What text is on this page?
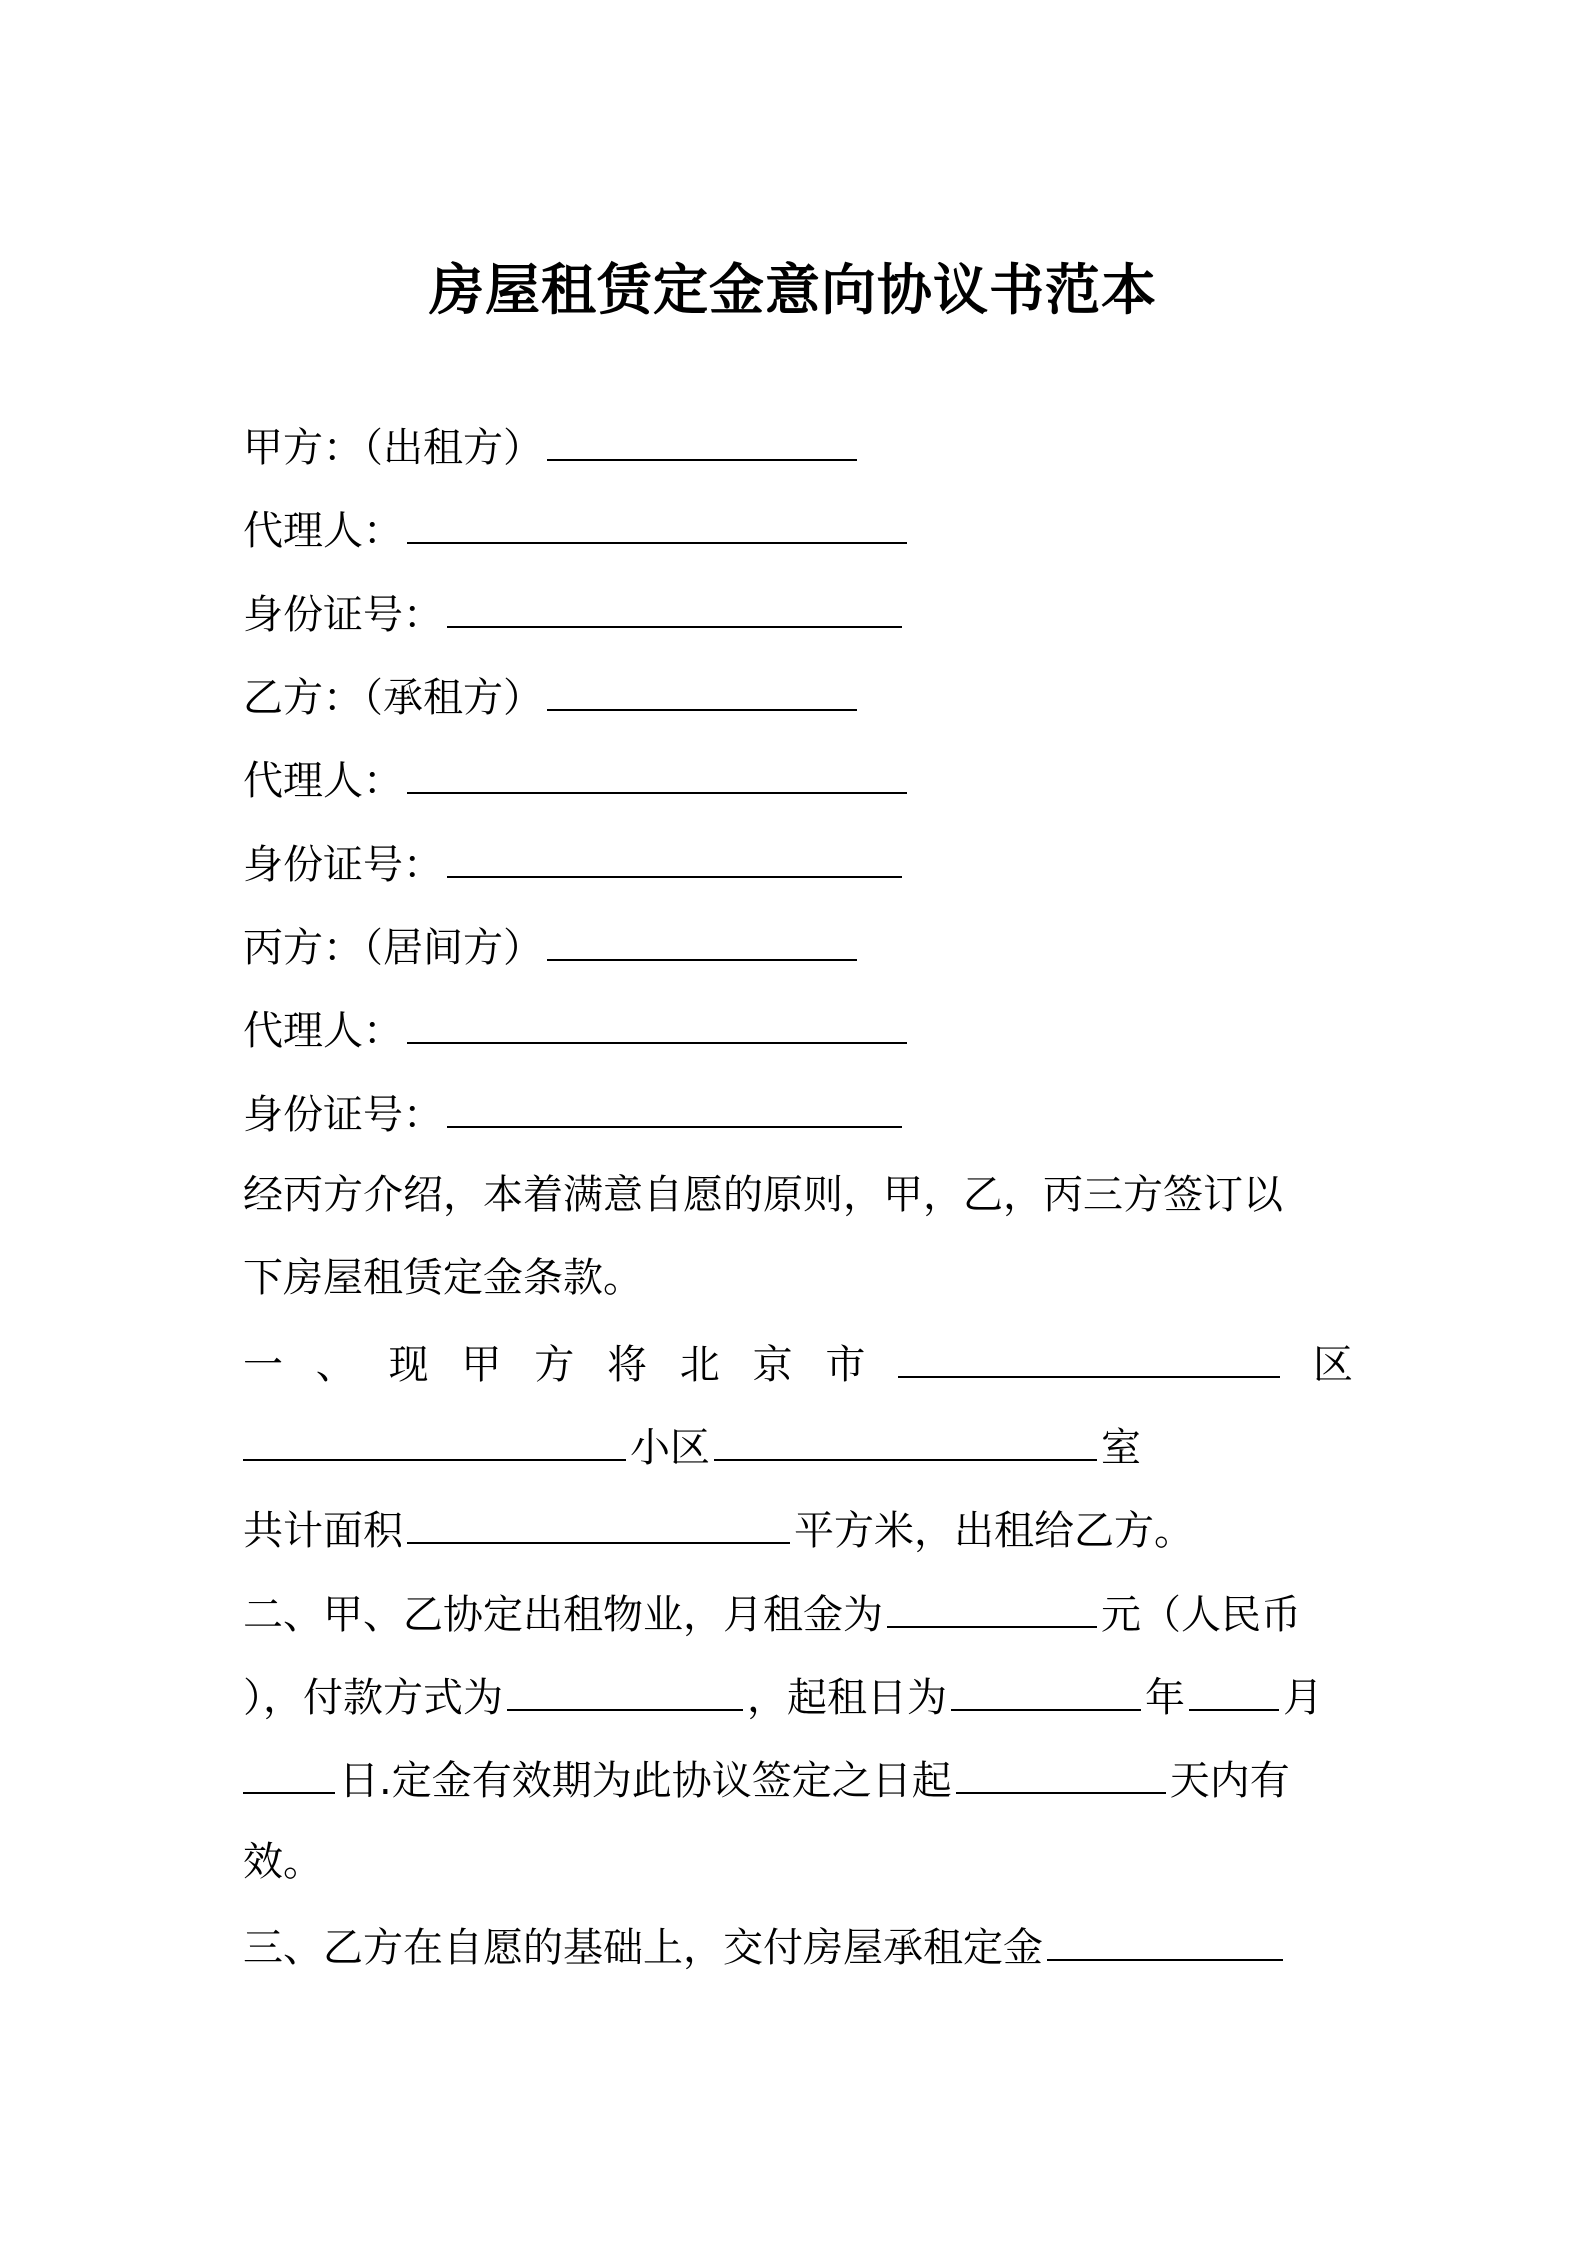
房屋租赁定金意向协议书范本
甲方：（出租方）
代理人：
身份证号：
乙方：（承租方）
代理人：
身份证号：
丙方：（居间方）
代理人：
身份证号：
经丙方介绍，本着满意自愿的原则，甲，乙，丙三方签订以
下房屋租赁定金条款。
一 、 现 甲 方 将 北 京 市	区
小区	室
共计面积	平方米，出租给乙方。
二、甲、乙协定出租物业，月租金为	元（人民币
），付款方式为	，起租日为	年 月
日.定金有效期为此协议签定之日起	天内有
效。
三、乙方在自愿的基础上，交付房屋承租定金
